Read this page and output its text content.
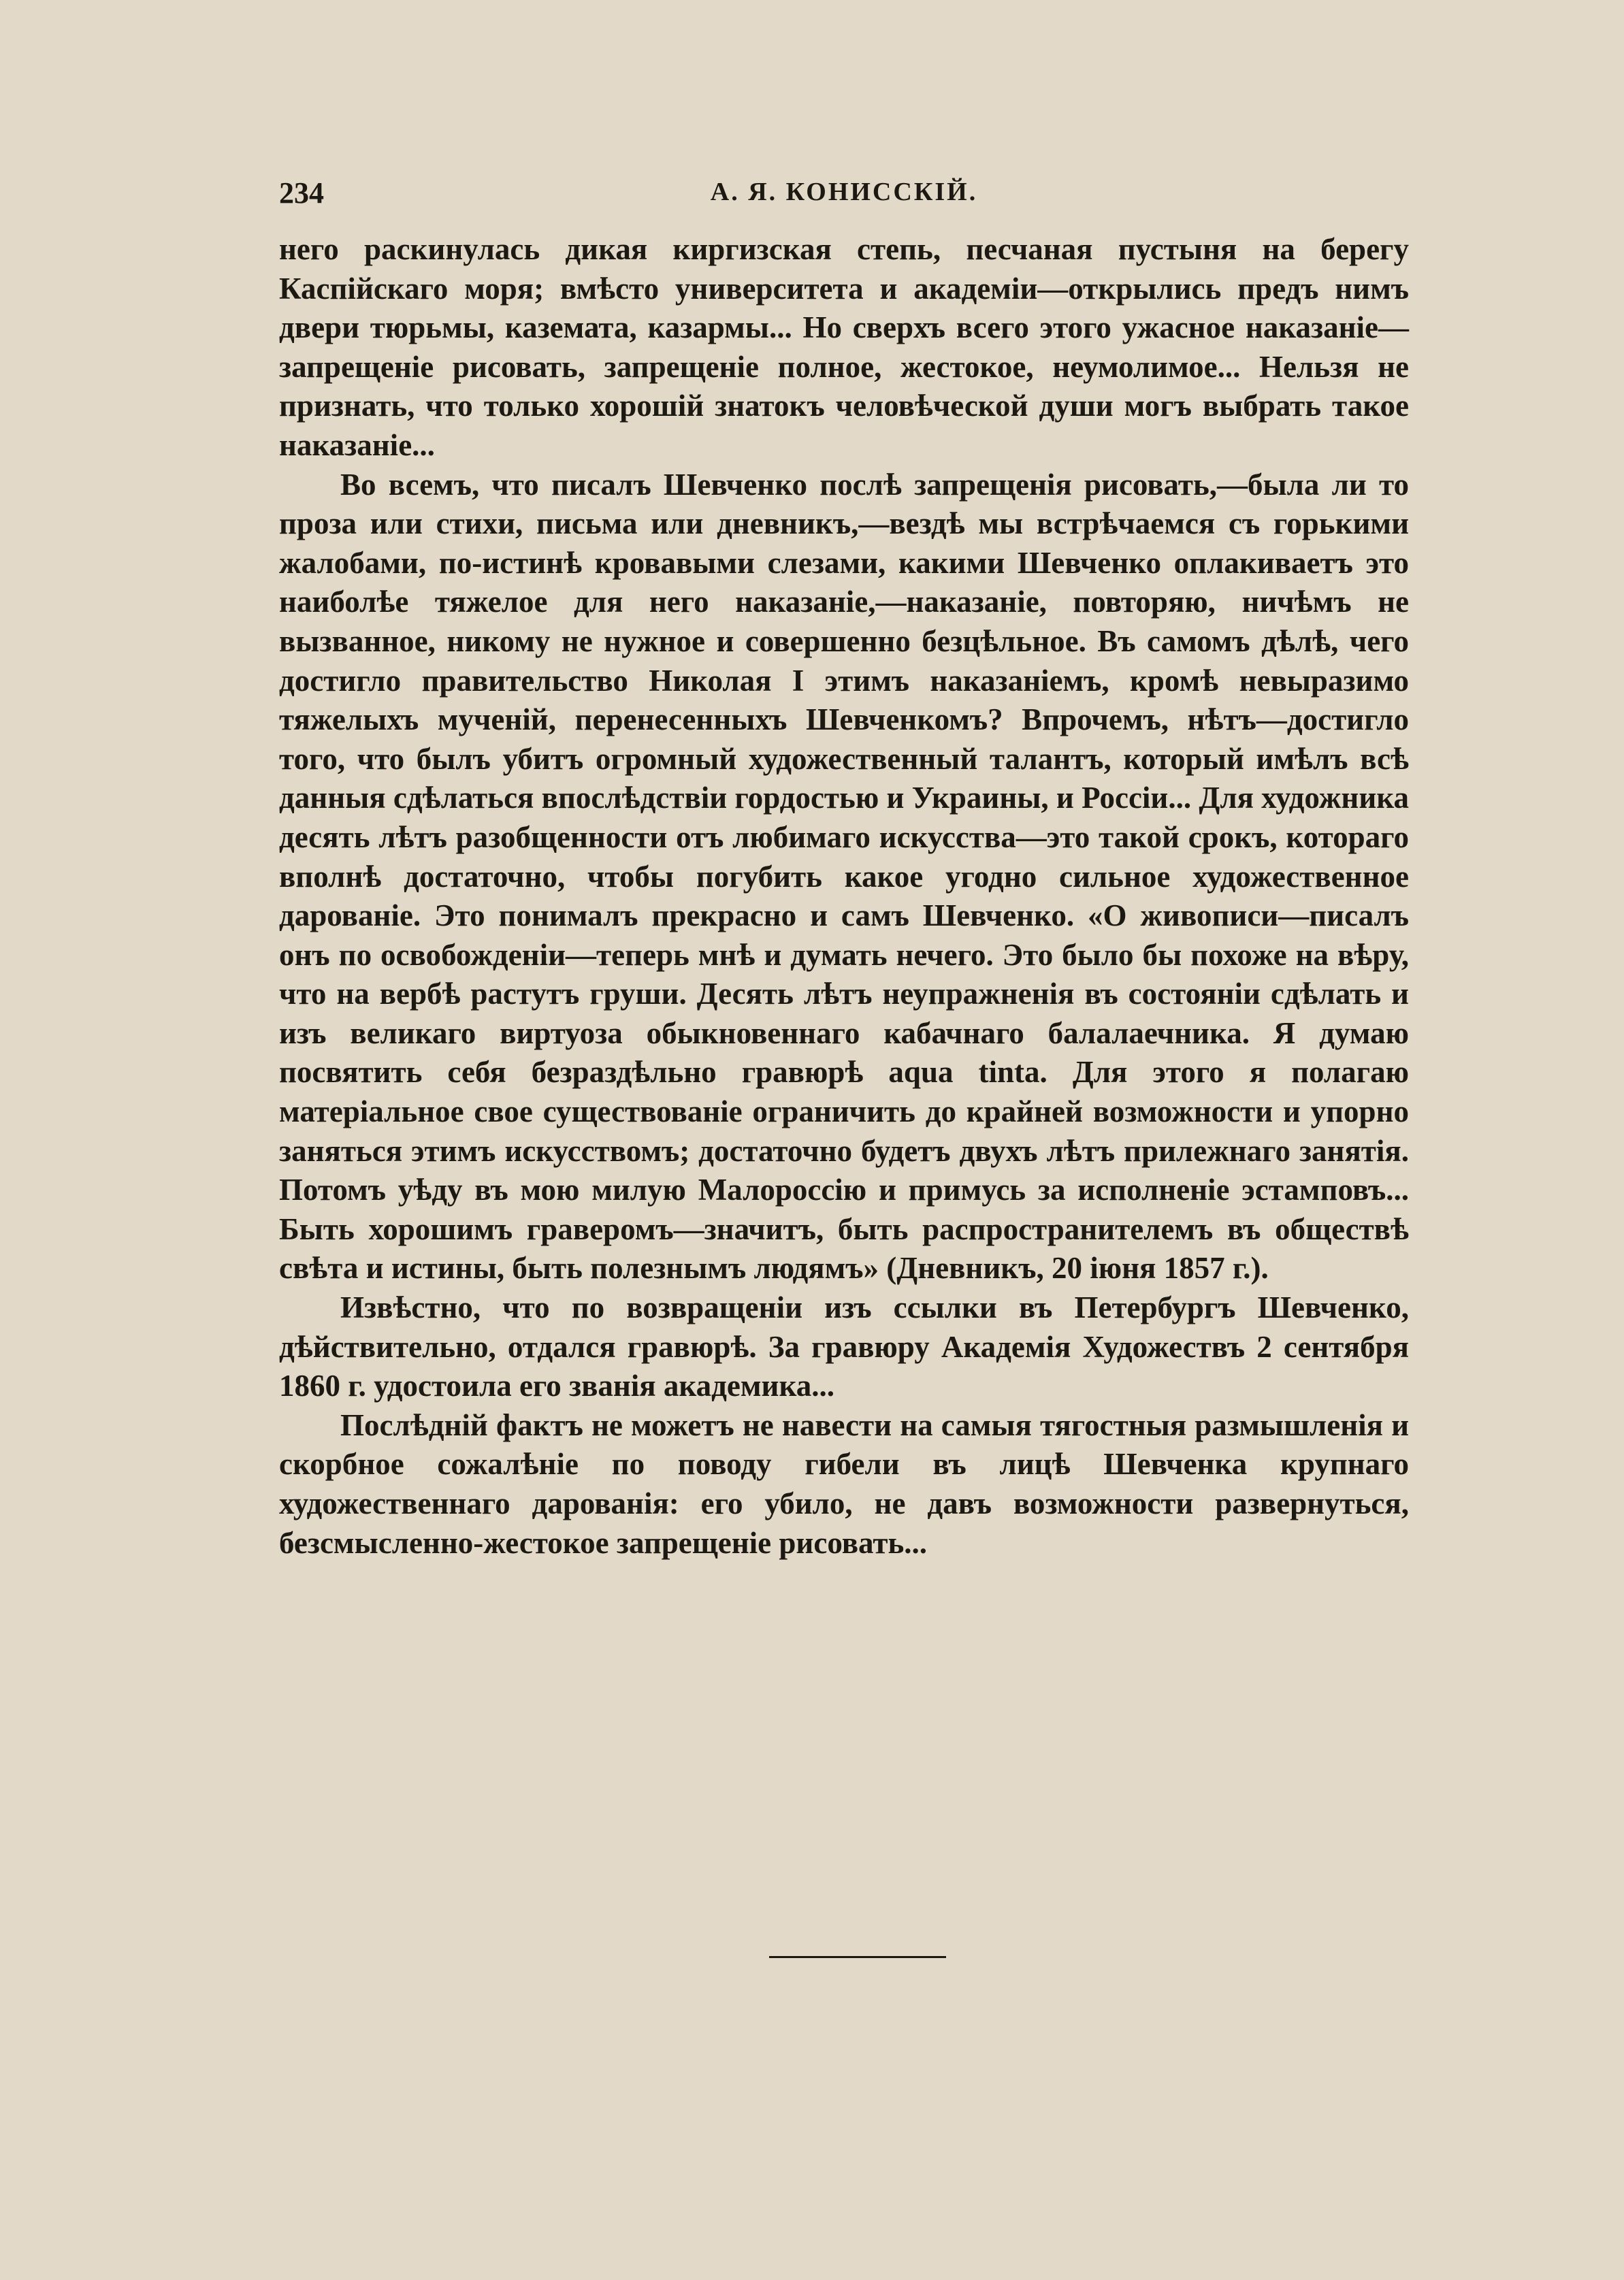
234	А. Я. КОНИССКІЙ.

него раскинулась дикая киргизская степь, песчаная пустыня на берегу Каспійскаго моря; вмѣсто университета и академіи—открылись предъ нимъ двери тюрьмы, каземата, казармы... Но сверхъ всего этого ужасное наказаніе—запрещеніе рисовать, запрещеніе полное, жестокое, неумолимое... Нельзя не признать, что только хорошій знатокъ человѣческой души могъ выбрать такое наказаніе...

Во всемъ, что писалъ Шевченко послѣ запрещенія рисовать,—была ли то проза или стихи, письма или дневникъ,—вездѣ мы встрѣчаемся съ горькими жалобами, по-истинѣ кровавыми слезами, какими Шевченко оплакиваетъ это наиболѣе тяжелое для него наказаніе,—наказаніе, повторяю, ничѣмъ не вызванное, никому не нужное и совершенно безцѣльное. Въ самомъ дѣлѣ, чего достигло правительство Николая I этимъ наказаніемъ, кромѣ невыразимо тяжелыхъ мученій, перенесенныхъ Шевченкомъ? Впрочемъ, нѣтъ—достигло того, что былъ убитъ огромный художественный талантъ, который имѣлъ всѣ данныя сдѣлаться впослѣдствіи гордостью и Украины, и Россіи... Для художника десять лѣтъ разобщенности отъ любимаго искусства—это такой срокъ, котораго вполнѣ достаточно, чтобы погубить какое угодно сильное художественное дарованіе. Это понималъ прекрасно и самъ Шевченко. «О живописи—писалъ онъ по освобожденіи—теперь мнѣ и думать нечего. Это было бы похоже на вѣру, что на вербѣ растутъ груши. Десять лѣтъ неупражненія въ состояніи сдѣлать и изъ великаго виртуоза обыкновеннаго кабачнаго балалаечника. Я думаю посвятить себя безраздѣльно гравюрѣ aqua tinta. Для этого я полагаю матеріальное свое существованіе ограничить до крайней возможности и упорно заняться этимъ искусствомъ; достаточно будетъ двухъ лѣтъ прилежнаго занятія. Потомъ уѣду въ мою милую Малороссію и примусь за исполненіе эстамповъ... Быть хорошимъ граверомъ—значитъ, быть распространителемъ въ обществѣ свѣта и истины, быть полезнымъ людямъ» (Дневникъ, 20 іюня 1857 г.).

Извѣстно, что по возвращеніи изъ ссылки въ Петербургъ Шевченко, дѣйствительно, отдался гравюрѣ. За гравюру Академія Художествъ 2 сентября 1860 г. удостоила его званія академика...

Послѣдній фактъ не можетъ не навести на самыя тягостныя размышленія и скорбное сожалѣніе по поводу гибели въ лицѣ Шевченка крупнаго художественнаго дарованія: его убило, не давъ возможности развернуться, безсмысленно-жестокое запрещеніе рисовать...
